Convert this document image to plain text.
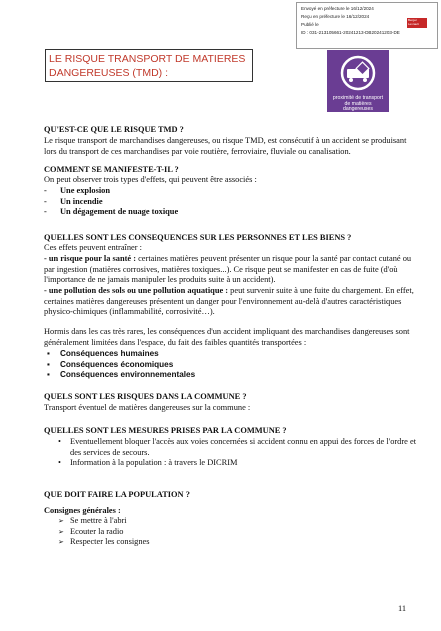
Envoyé en préfecture le 16/12/2024
Reçu en préfecture le 16/12/2024
Publié le
ID : 031-213105661-20241213-DB20241203-DE
Berger Levrault
LE RISQUE TRANSPORT DE MATIERES DANGEREUSES (TMD) :
proximité de transport
de matières
dangereuses
QU'EST-CE QUE LE RISQUE TMD ?
Le risque transport de marchandises dangereuses, ou risque TMD, est consécutif à un accident se produisant lors du transport de ces marchandises par voie routière, ferroviaire, fluviale ou canalisation.
COMMENT SE MANIFESTE-T-IL ?
On peut observer trois types d'effets, qui peuvent être associés :
- Une explosion
- Un incendie
- Un dégagement de nuage toxique
QUELLES SONT LES CONSEQUENCES SUR LES PERSONNES ET LES BIENS ?
Ces effets peuvent entraîner :
- un risque pour la santé : certaines matières peuvent présenter un risque pour la santé par contact cutané ou par ingestion (matières corrosives, matières toxiques...). Ce risque peut se manifester en cas de fuite (d'où l'importance de ne jamais manipuler les produits suite à un accident).
- une pollution des sols ou une pollution aquatique : peut survenir suite à une fuite du chargement. En effet, certaines matières dangereuses présentent un danger pour l'environnement au-delà d'autres caractéristiques physico-chimiques (inflammabilité, corrosivité…).
Hormis dans les cas très rares, les conséquences d'un accident impliquant des marchandises dangereuses sont généralement limitées dans l'espace, du fait des faibles quantités transportées :
▪ Conséquences humaines
▪ Conséquences économiques
▪ Conséquences environnementales
QUELS SONT LES RISQUES DANS LA COMMUNE ?
Transport éventuel de matières dangereuses sur la commune :
QUELLES SONT LES MESURES PRISES PAR LA COMMUNE ?
• Eventuellement bloquer l'accès aux voies concernées si accident connu en appui des forces de l'ordre et des services de secours.
• Information à la population : à travers le DICRIM
QUE DOIT FAIRE LA POPULATION ?
Consignes générales :
➢ Se mettre à l'abri
➢ Ecouter la radio
➢ Respecter les consignes
11
